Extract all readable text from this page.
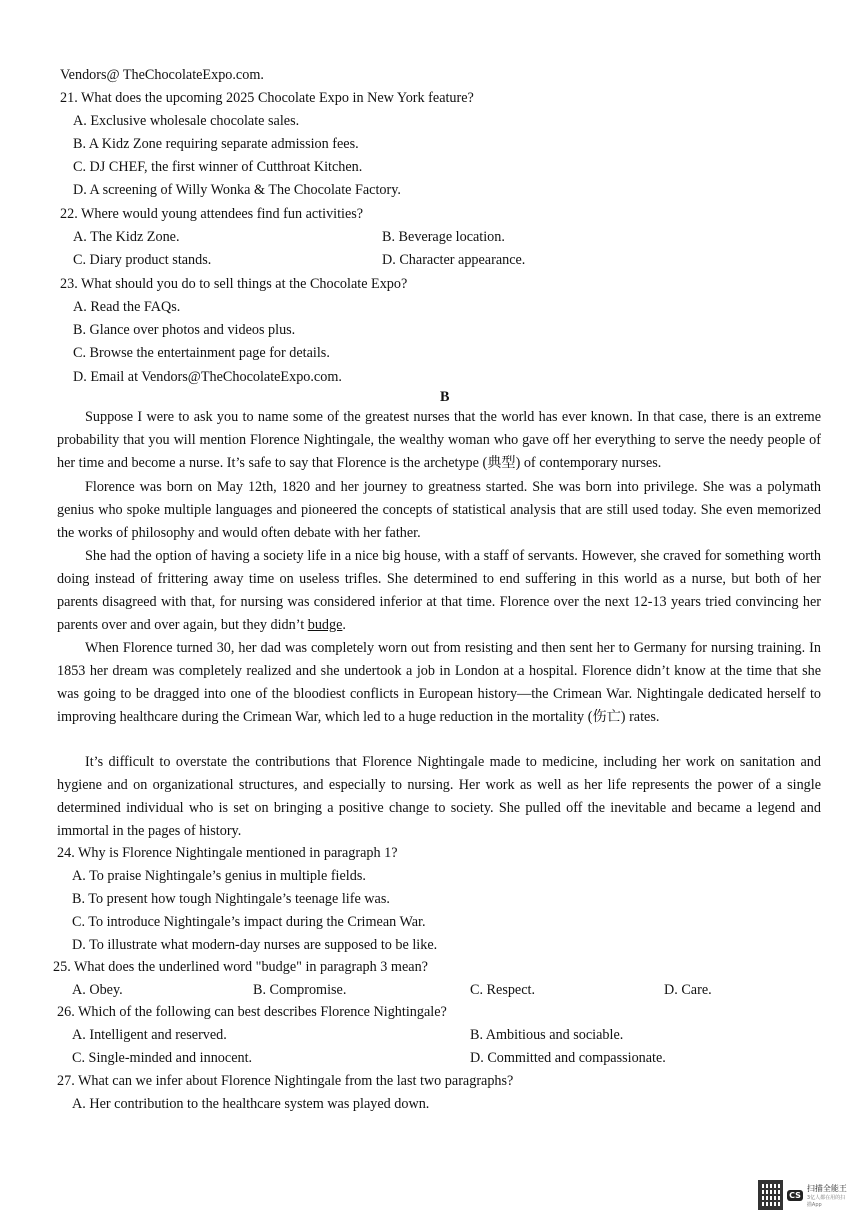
Vendors@ TheChocolateExpo.com.
21. What does the upcoming 2025 Chocolate Expo in New York feature?
A. Exclusive wholesale chocolate sales.
B. A Kidz Zone requiring separate admission fees.
C. DJ CHEF, the first winner of Cutthroat Kitchen.
D. A screening of Willy Wonka & The Chocolate Factory.
22. Where would young attendees find fun activities?
A. The Kidz Zone.	B. Beverage location.
C. Diary product stands.	D. Character appearance.
23. What should you do to sell things at the Chocolate Expo?
A. Read the FAQs.
B. Glance over photos and videos plus.
C. Browse the entertainment page for details.
D. Email at Vendors@TheChocolateExpo.com.
B

Suppose I were to ask you to name some of the greatest nurses that the world has ever known. In that case, there is an extreme probability that you will mention Florence Nightingale, the wealthy woman who gave off her everything to serve the needy people of her time and become a nurse. It’s safe to say that Florence is the archetype (典型) of contemporary nurses.

Florence was born on May 12th, 1820 and her journey to greatness started. She was born into privilege. She was a polymath genius who spoke multiple languages and pioneered the concepts of statistical analysis that are still used today. She even memorized the works of philosophy and would often debate with her father.

She had the option of having a society life in a nice big house, with a staff of servants. However, she craved for something worth doing instead of frittering away time on useless trifles. She determined to end suffering in this world as a nurse, but both of her parents disagreed with that, for nursing was considered inferior at that time. Florence over the next 12-13 years tried convincing her parents over and over again, but they didn’t budge.

When Florence turned 30, her dad was completely worn out from resisting and then sent her to Germany for nursing training. In 1853 her dream was completely realized and she undertook a job in London at a hospital. Florence didn’t know at the time that she was going to be dragged into one of the bloodiest conflicts in European history—the Crimean War. Nightingale dedicated herself to improving healthcare during the Crimean War, which led to a huge reduction in the mortality (伤亡) rates.

It’s difficult to overstate the contributions that Florence Nightingale made to medicine, including her work on sanitation and hygiene and on organizational structures, and especially to nursing. Her work as well as her life represents the power of a single determined individual who is set on bringing a positive change to society. She pulled off the inevitable and became a legend and immortal in the pages of history.

24. Why is Florence Nightingale mentioned in paragraph 1?
A. To praise Nightingale’s genius in multiple fields.
B. To present how tough Nightingale’s teenage life was.
C. To introduce Nightingale’s impact during the Crimean War.
D. To illustrate what modern-day nurses are supposed to be like.
25. What does the underlined word "budge" in paragraph 3 mean?
A. Obey.	B. Compromise.	C. Respect.	D. Care.
26. Which of the following can best describes Florence Nightingale?
A. Intelligent and reserved.	B. Ambitious and sociable.
C. Single-minded and innocent.	D. Committed and compassionate.
27. What can we infer about Florence Nightingale from the last two paragraphs?
A. Her contribution to the healthcare system was played down.
CS
扫描全能王
3亿人都在用的扫描App
